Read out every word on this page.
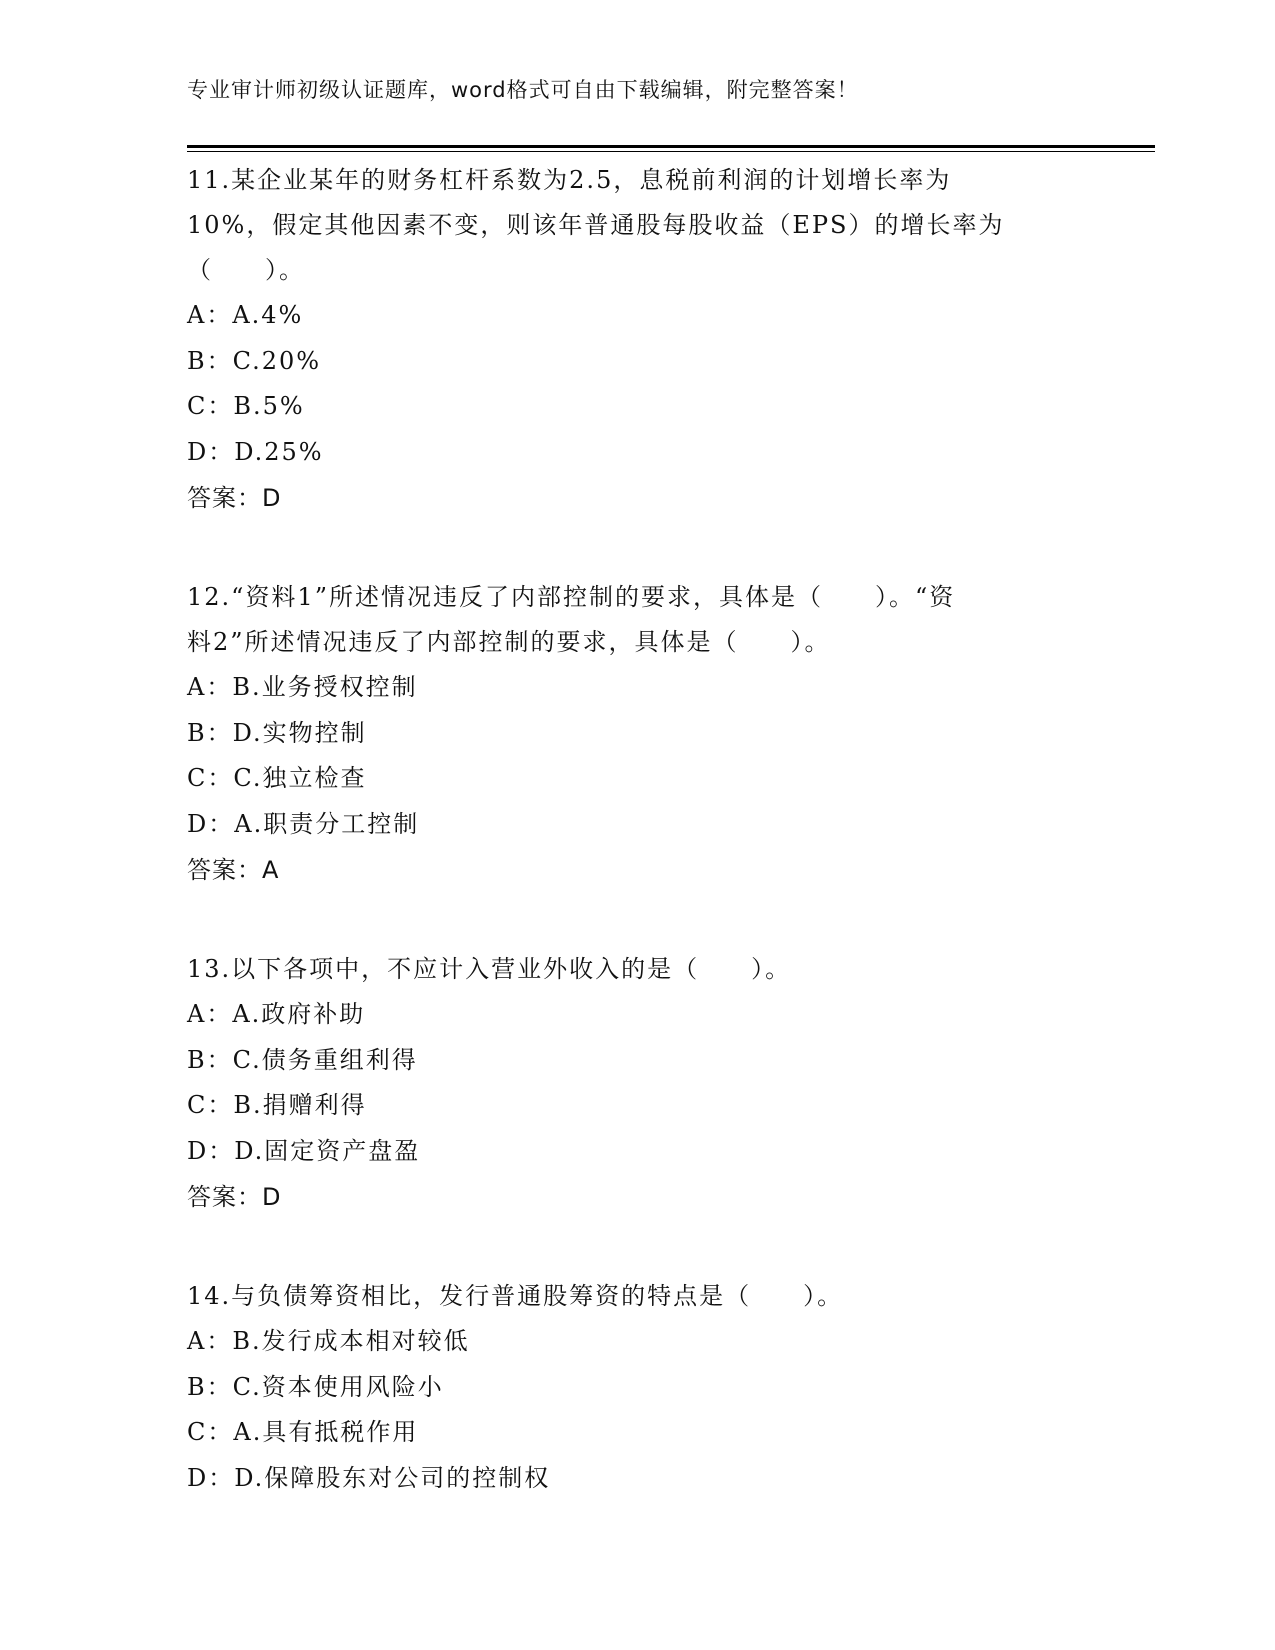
专业审计师初级认证题库，word格式可自由下载编辑，附完整答案！

11.某企业某年的财务杠杆系数为2.5，息税前利润的计划增长率为
10%，假定其他因素不变，则该年普通股每股收益（EPS）的增长率为
（　　）。

A：A.4%

B：C.20%

C：B.5%

D：D.25%

答案：D

12.“资料1”所述情况违反了内部控制的要求，具体是（　　）。“资
料2”所述情况违反了内部控制的要求，具体是（　　）。

A：B.业务授权控制

B：D.实物控制

C：C.独立检查

D：A.职责分工控制

答案：A

13.以下各项中，不应计入营业外收入的是（　　）。

A：A.政府补助

B：C.债务重组利得

C：B.捐赠利得

D：D.固定资产盘盈

答案：D

14.与负债筹资相比，发行普通股筹资的特点是（　　）。

A：B.发行成本相对较低

B：C.资本使用风险小

C：A.具有抵税作用

D：D.保障股东对公司的控制权
